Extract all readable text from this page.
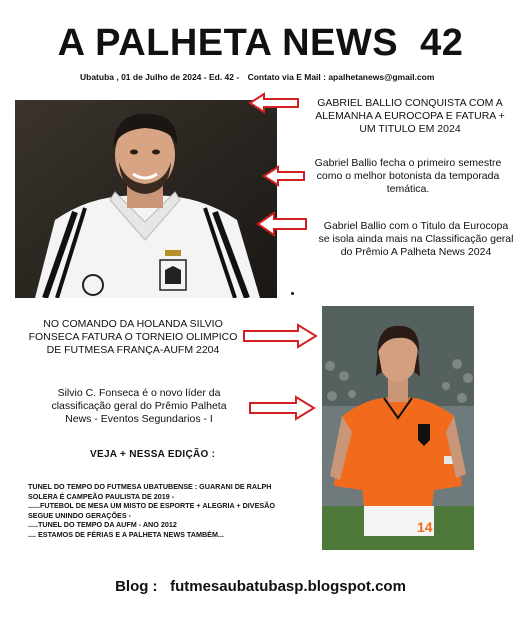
A PALHETA NEWS 42
Ubatuba , 01 de Julho de 2024 - Ed. 42 - Contato via E Mail : apalhetanews@gmail.com
GABRIEL BALLIO CONQUISTA COM A ALEMANHA A EUROCOPA E FATURA + UM TITULO EM 2024
Gabriel Ballio fecha o primeiro semestre como o melhor botonista da temporada temática.
Gabriel Ballio com o Titulo da Eurocopa se isola ainda mais na Classificação geral do Prêmio A Palheta News 2024
NO COMANDO DA HOLANDA SILVIO FONSECA FATURA O TORNEIO OLIMPICO DE FUTMESA FRANÇA-AUFM 2204
Silvio C. Fonseca é o novo líder da classificação geral do Prêmio Palheta News - Eventos Segundarios - I
14
VEJA + NESSA EDIÇÃO :
TUNEL DO TEMPO DO FUTMESA UBATUBENSE : GUARANI DE RALPH
SOLERA É CAMPEÃO PAULISTA DE 2019 -
......FUTEBOL DE MESA UM MISTO DE ESPORTE + ALEGRIA + DIVESÃO
SEGUE UNINDO GERAÇÕES -
.....TUNEL DO TEMPO DA AUFM - ANO 2012
.... ESTAMOS DE FÉRIAS E A PALHETA NEWS TAMBÉM...
Blog : futmesaubatubasp.blogspot.com
